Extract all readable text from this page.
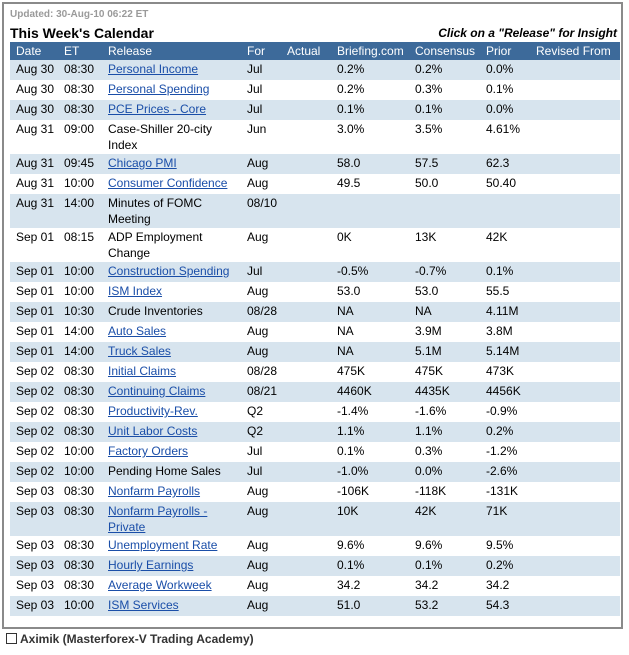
Updated: 30-Aug-10 06:22 ET
This Week's Calendar	Click on a "Release" for Insight
Date	ET	Release	For	Actual	Briefing.com	Consensus	Prior	Revised From
Aug 30	08:30	Personal Income	Jul		0.2%	0.2%	0.0%	
Aug 30	08:30	Personal Spending	Jul		0.2%	0.3%	0.1%	
Aug 30	08:30	PCE Prices - Core	Jul		0.1%	0.1%	0.0%	
Aug 31	09:00	Case-Shiller 20-city Index	Jun		3.0%	3.5%	4.61%	
Aug 31	09:45	Chicago PMI	Aug		58.0	57.5	62.3	
Aug 31	10:00	Consumer Confidence	Aug		49.5	50.0	50.40	
Aug 31	14:00	Minutes of FOMC Meeting	08/10					
Sep 01	08:15	ADP Employment Change	Aug		0K	13K	42K	
Sep 01	10:00	Construction Spending	Jul		-0.5%	-0.7%	0.1%	
Sep 01	10:00	ISM Index	Aug		53.0	53.0	55.5	
Sep 01	10:30	Crude Inventories	08/28		NA	NA	4.11M	
Sep 01	14:00	Auto Sales	Aug		NA	3.9M	3.8M	
Sep 01	14:00	Truck Sales	Aug		NA	5.1M	5.14M	
Sep 02	08:30	Initial Claims	08/28		475K	475K	473K	
Sep 02	08:30	Continuing Claims	08/21		4460K	4435K	4456K	
Sep 02	08:30	Productivity-Rev.	Q2		-1.4%	-1.6%	-0.9%	
Sep 02	08:30	Unit Labor Costs	Q2		1.1%	1.1%	0.2%	
Sep 02	10:00	Factory Orders	Jul		0.1%	0.3%	-1.2%	
Sep 02	10:00	Pending Home Sales	Jul		-1.0%	0.0%	-2.6%	
Sep 03	08:30	Nonfarm Payrolls	Aug		-106K	-118K	-131K	
Sep 03	08:30	Nonfarm Payrolls - Private	Aug		10K	42K	71K	
Sep 03	08:30	Unemployment Rate	Aug		9.6%	9.6%	9.5%	
Sep 03	08:30	Hourly Earnings	Aug		0.1%	0.1%	0.2%	
Sep 03	08:30	Average Workweek	Aug		34.2	34.2	34.2	
Sep 03	10:00	ISM Services	Aug		51.0	53.2	54.3	
Aximik (Masterforex-V Trading Academy)
